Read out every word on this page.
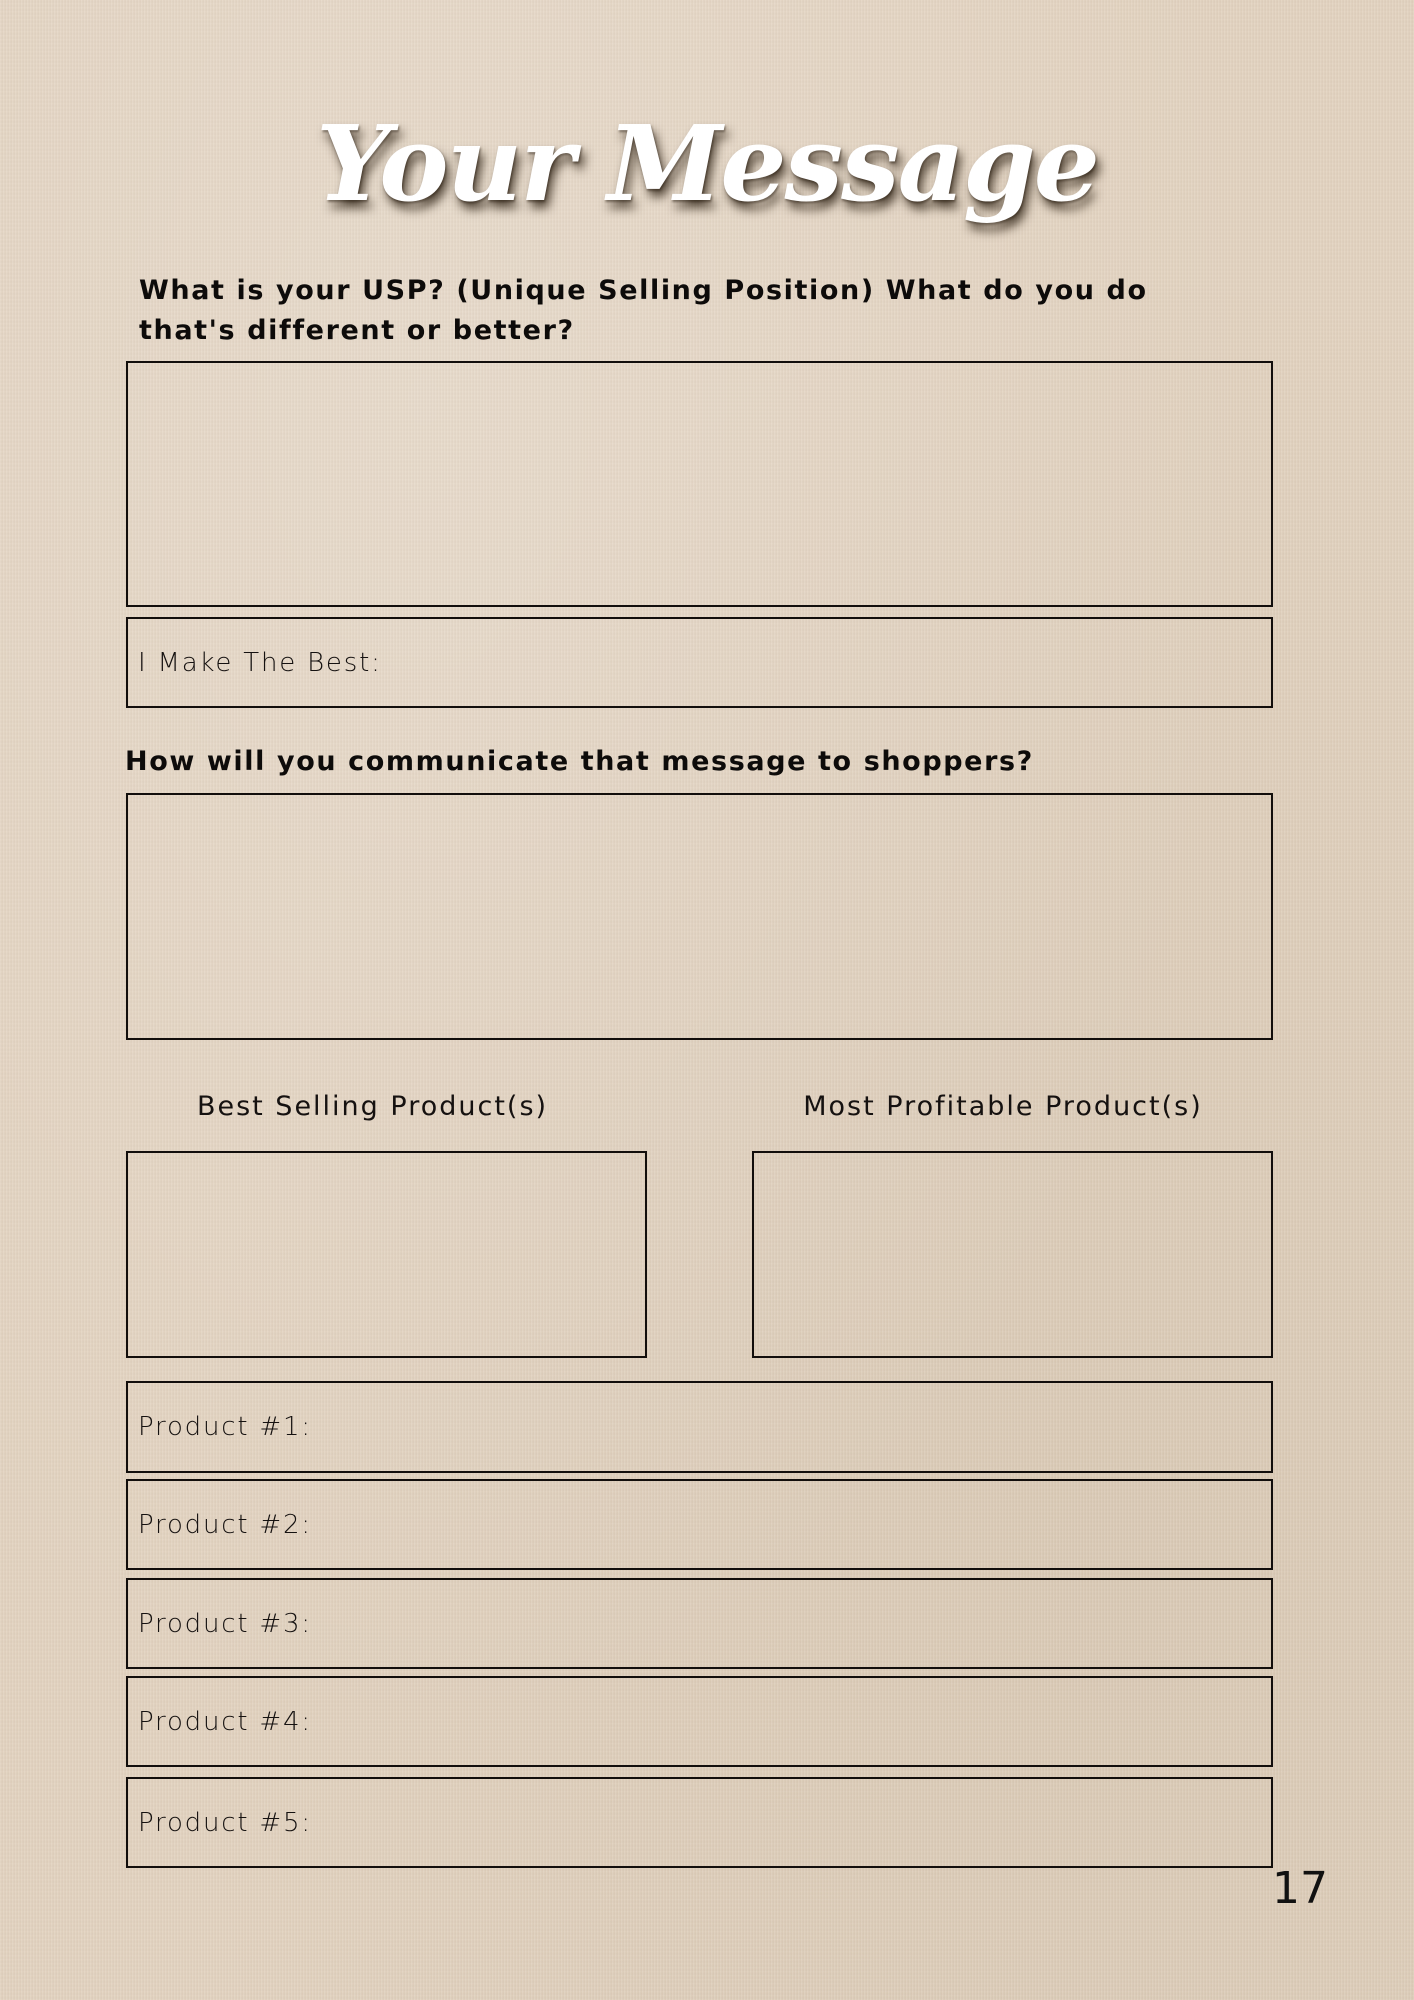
Your Message

What is your USP? (Unique Selling Position) What do you do that's different or better?

I Make The Best:

How will you communicate that message to shoppers?

Best Selling Product(s)	Most Profitable Product(s)
Product #1:
Product #2:
Product #3:
Product #4:
Product #5:
17
